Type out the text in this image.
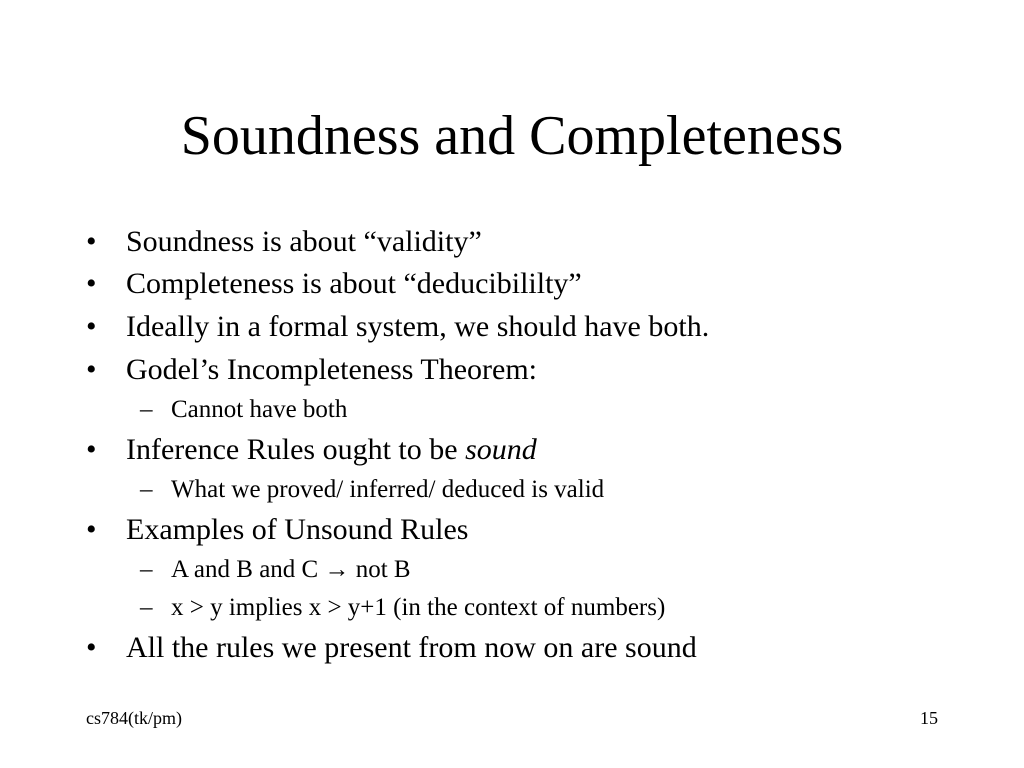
Soundness and Completeness
• Soundness is about “validity”
• Completeness is about “deducibililty”
• Ideally in a formal system, we should have both.
• Godel’s Incompleteness Theorem:
– Cannot have both
• Inference Rules ought to be sound
– What we proved/ inferred/ deduced is valid
• Examples of Unsound Rules
– A and B and C → not B
– x > y implies x > y+1 (in the context of numbers)
• All the rules we present from now on are sound
cs784(tk/pm)	15
